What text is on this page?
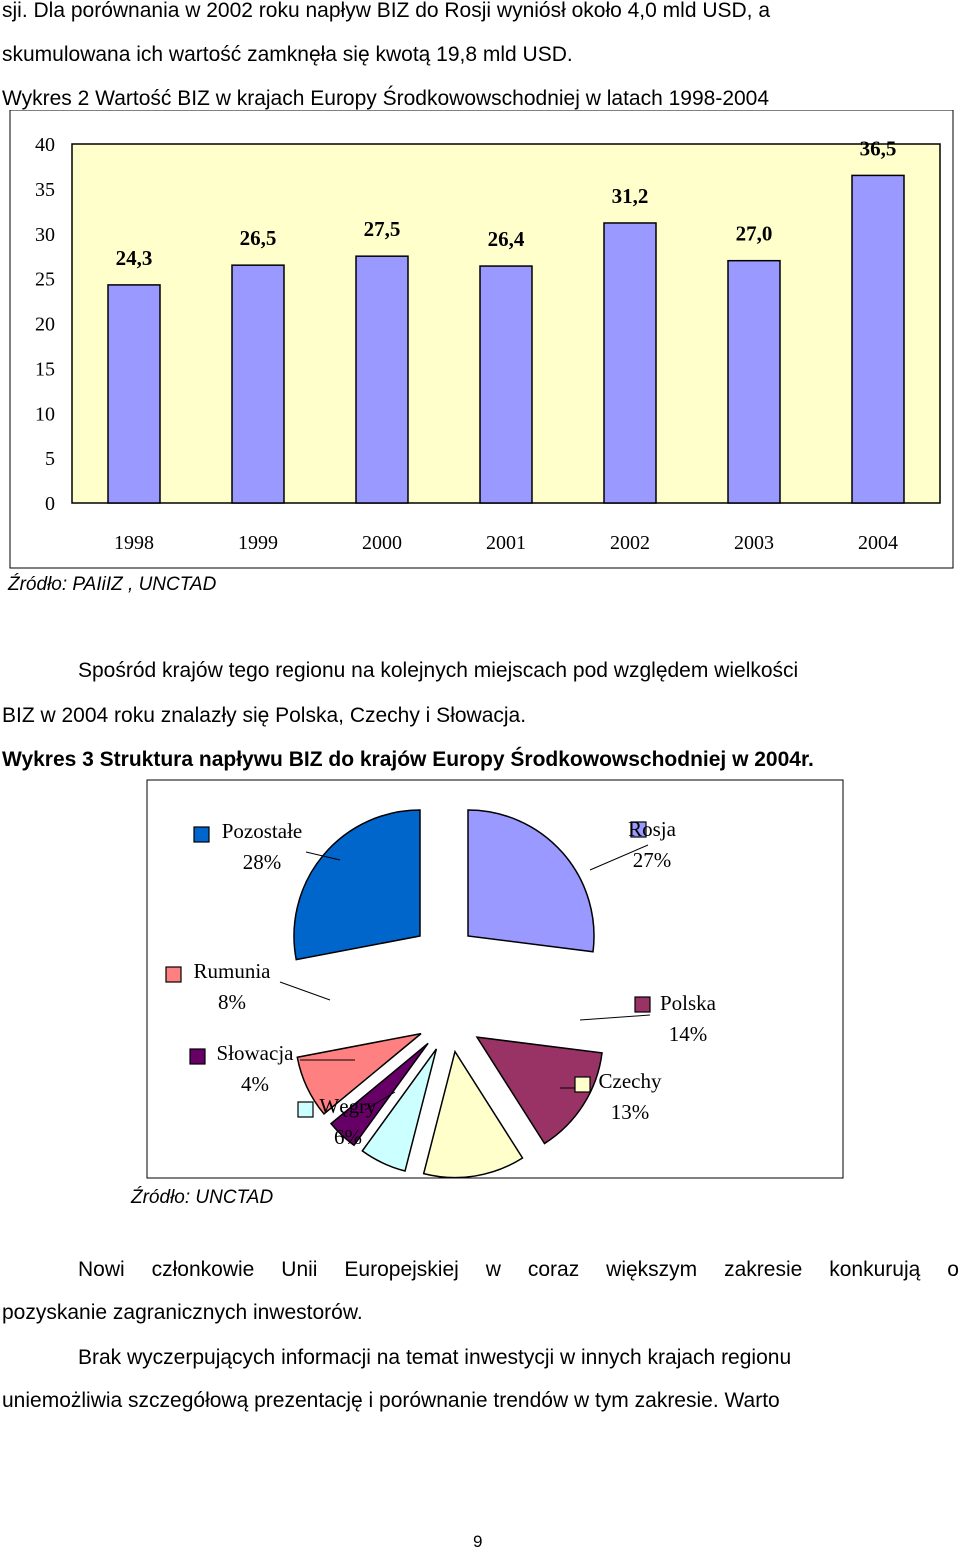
sji. Dla porównania w 2002 roku napływ BIZ do Rosji wyniósł około 4,0 mld USD, a
skumulowana ich wartość zamknęła się kwotą 19,8 mld USD.
Wykres 2 Wartość BIZ w krajach Europy Środkowowschodniej w latach 1998-2004
0
5
10
15
20
25
30
35
40
24,3
26,5	27,5	26,4
31,2
27,0
36,5
1998	1999	2000	2001	2002	2003	2004
Źródło: PAIiIZ , UNCTAD
Spośród krajów tego regionu na kolejnych miejscach pod względem wielkości
BIZ w 2004 roku znalazły się Polska, Czechy i Słowacja.
Wykres 3 Struktura napływu BIZ do krajów Europy Środkowowschodniej w 2004r.
Rosja
27%
Polska
14%
Czechy
13%
Węgry
6%
Słowacja
4%
Rumunia
8%
Pozostałe
28%
Źródło: UNCTAD
Nowi członkowie Unii Europejskiej w coraz większym zakresie konkurują o
pozyskanie zagranicznych inwestorów.
Brak wyczerpujących informacji na temat inwestycji w innych krajach regionu
uniemożliwia szczegółową prezentację i porównanie trendów w tym zakresie. Warto
9
